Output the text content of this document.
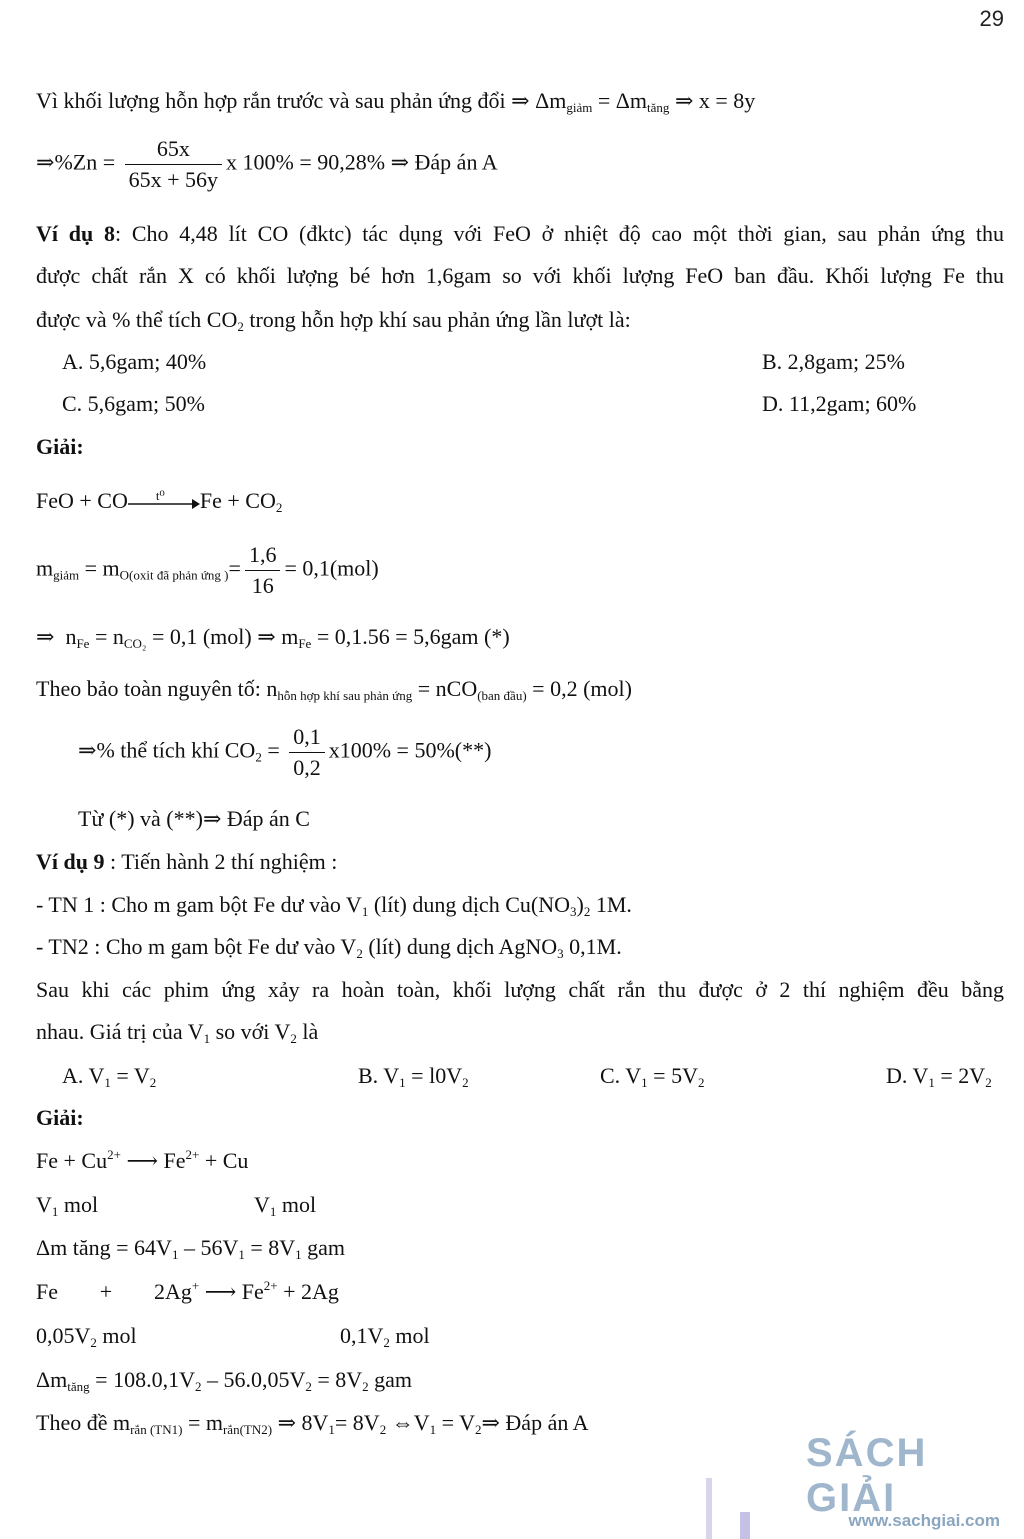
29
Vì khối lượng hỗn hợp rắn trước và sau phản ứng đổi ⇒ $\Delta m_{giảm} = \Delta m_{tăng}$ ⇒ x = 8y
⇒%Zn = $\frac{65x}{65x + 56y}$ x 100% = 90,28% ⇒ Đáp án A
Ví dụ 8: Cho 4,48 lít CO (đktc) tác dụng với FeO ở nhiệt độ cao một thời gian, sau phản ứng thu
được chất rắn X có khối lượng bé hơn 1,6gam so với khối lượng FeO ban đầu. Khối lượng Fe thu
được và % thể tích $CO_2$ trong hỗn hợp khí sau phản ứng lần lượt là:
A. 5,6gam; 40%	B. 2,8gam; 25%
C. 5,6gam; 50%	D. 11,2gam; 60%
Giải:
FeO + CO t⁰ $Fe + CO_2$
$m_{giảm} = m_{O(oxit đã phản ứng )}= \frac{1,6}{16} = 0,1(mol)$
⇒ $n_{Fe} = n_{CO_2} = 0,1$ (mol) ⇒ $m_{Fe} = 0,1.56 = 5,6gam$ (*)
Theo bảo toàn nguyên tố: $n_{hỗn hợp khí sau phản ứng} = nCO_{(ban đầu)} = 0,2$ (mol)
⇒% thể tích khí $CO_2 = \frac{0,1}{0,2} x100\% = 50\%(**)$
Từ (*) và (**)⇒ Đáp án C
Ví dụ 9 : Tiến hành 2 thí nghiệm :
- TN 1 : Cho m gam bột Fe dư vào $V_1$ (lít) dung dịch $Cu(NO_3)_2$ 1M.
- TN2 : Cho m gam bột Fe dư vào $V_2$ (lít) dung dịch AgNO$_3$ 0,1M.
Sau khi các phim ứng xảy ra hoàn toàn, khối lượng chất rắn thu được ở 2 thí nghiệm đều bằng
nhau. Giá trị của $V_1$ so với $V_2$ là
A. $V_1 = V_2$	B. $V_1 = l0V_2$	C. $V_1 = 5V_2$	D. $V_1 = 2V_2$
Giải:
$Fe + Cu^{2+}$ ⟶ $Fe^{2+} + Cu$
$V_1$ mol	$V_1$ mol
Δm tăng = $64V_1 - 56V_1 = 8V_1$ gam
Fe + 2Ag+ ⟶ $Fe^{2+} + 2Ag$
$0,05V_2$ mol	$0,1V_2$ mol
$\Delta m_{tăng} = 108.0,1V_2 - 56.0,05V_2 = 8V_2$ gam
Theo đề $m_{rắn (TN1)} = m_{rắn(TN2)}$ ⇒ $8V_1= 8V_2$ $\Leftrightarrow V_1$ = $V_2\Rightarrow$ Đáp án A
SÁCH GIẢI
www.sachgiai.com
